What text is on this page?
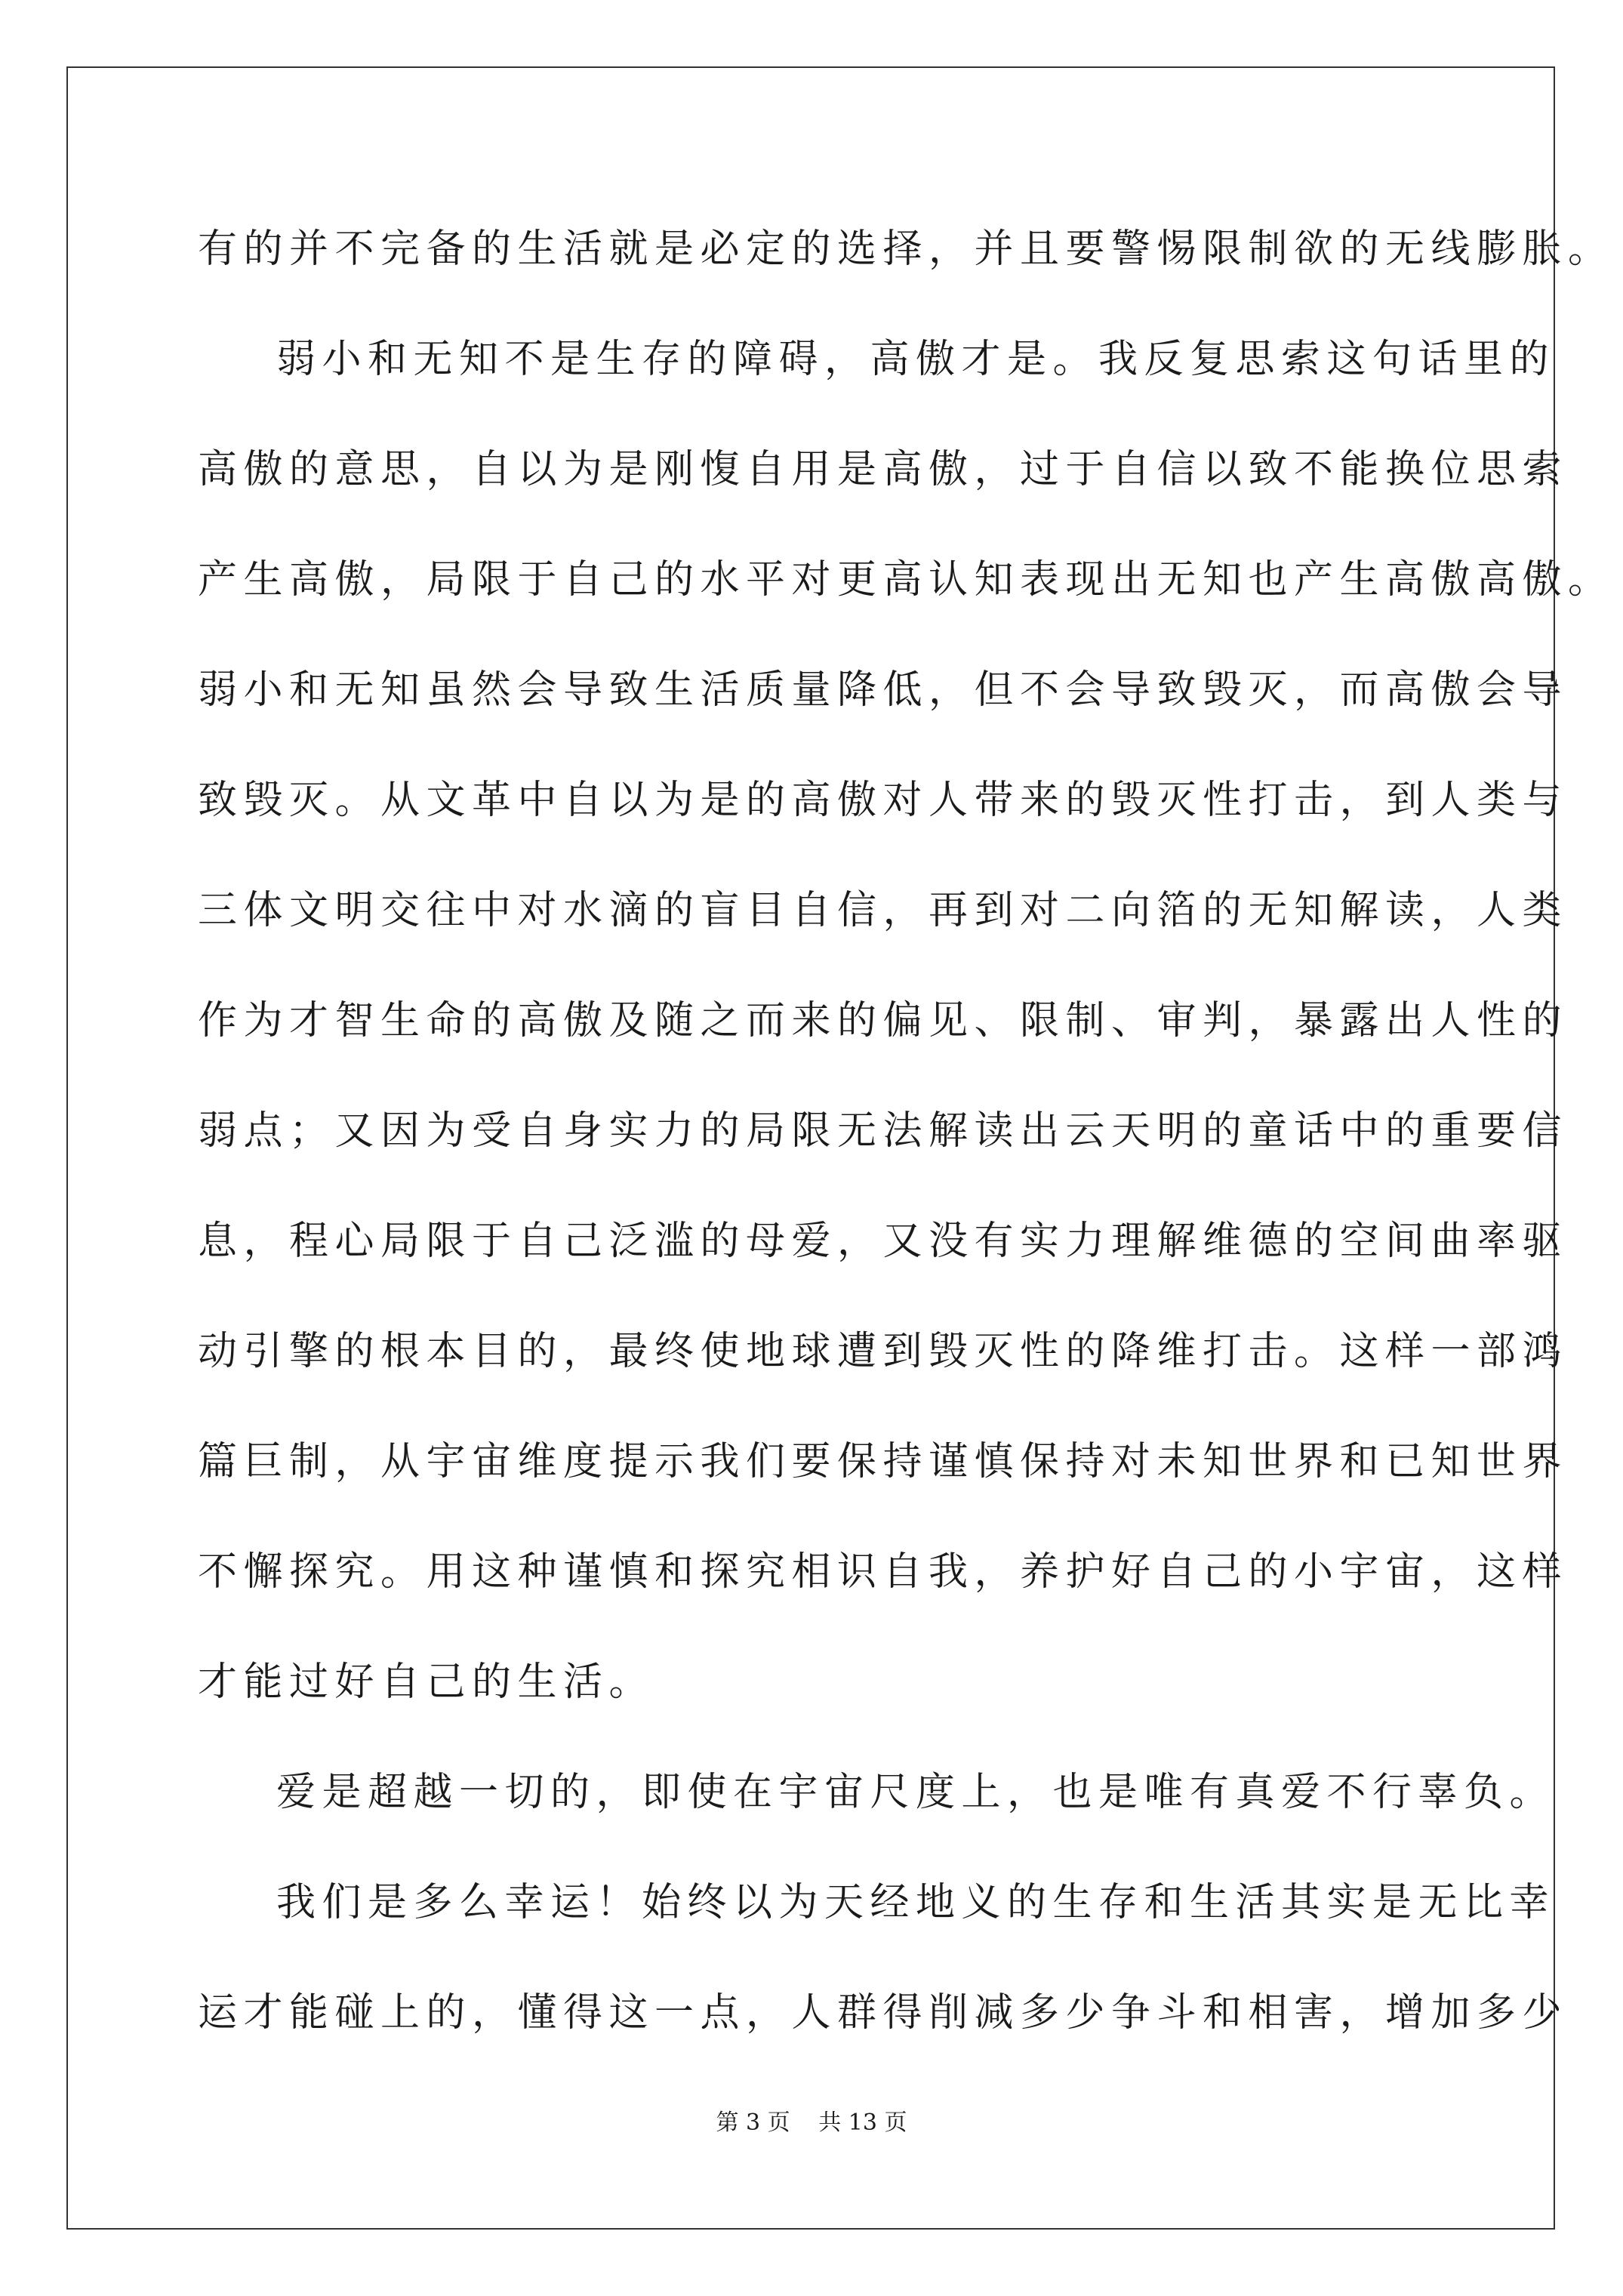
有的并不完备的生活就是必定的选择，并且要警惕限制欲的无线膨胀。
弱小和无知不是生存的障碍，高傲才是。我反复思索这句话里的
高傲的意思，自以为是刚愎自用是高傲，过于自信以致不能换位思索
产生高傲，局限于自己的水平对更高认知表现出无知也产生高傲高傲。
弱小和无知虽然会导致生活质量降低，但不会导致毁灭，而高傲会导
致毁灭。从文革中自以为是的高傲对人带来的毁灭性打击，到人类与
三体文明交往中对水滴的盲目自信，再到对二向箔的无知解读，人类
作为才智生命的高傲及随之而来的偏见、限制、审判，暴露出人性的
弱点；又因为受自身实力的局限无法解读出云天明的童话中的重要信
息，程心局限于自己泛滥的母爱，又没有实力理解维德的空间曲率驱
动引擎的根本目的，最终使地球遭到毁灭性的降维打击。这样一部鸿
篇巨制，从宇宙维度提示我们要保持谨慎保持对未知世界和已知世界
不懈探究。用这种谨慎和探究相识自我，养护好自己的小宇宙，这样
才能过好自己的生活。
爱是超越一切的，即使在宇宙尺度上，也是唯有真爱不行辜负。
我们是多么幸运！始终以为天经地义的生存和生活其实是无比幸
运才能碰上的，懂得这一点，人群得削减多少争斗和相害，增加多少
第 3 页 共 13 页
